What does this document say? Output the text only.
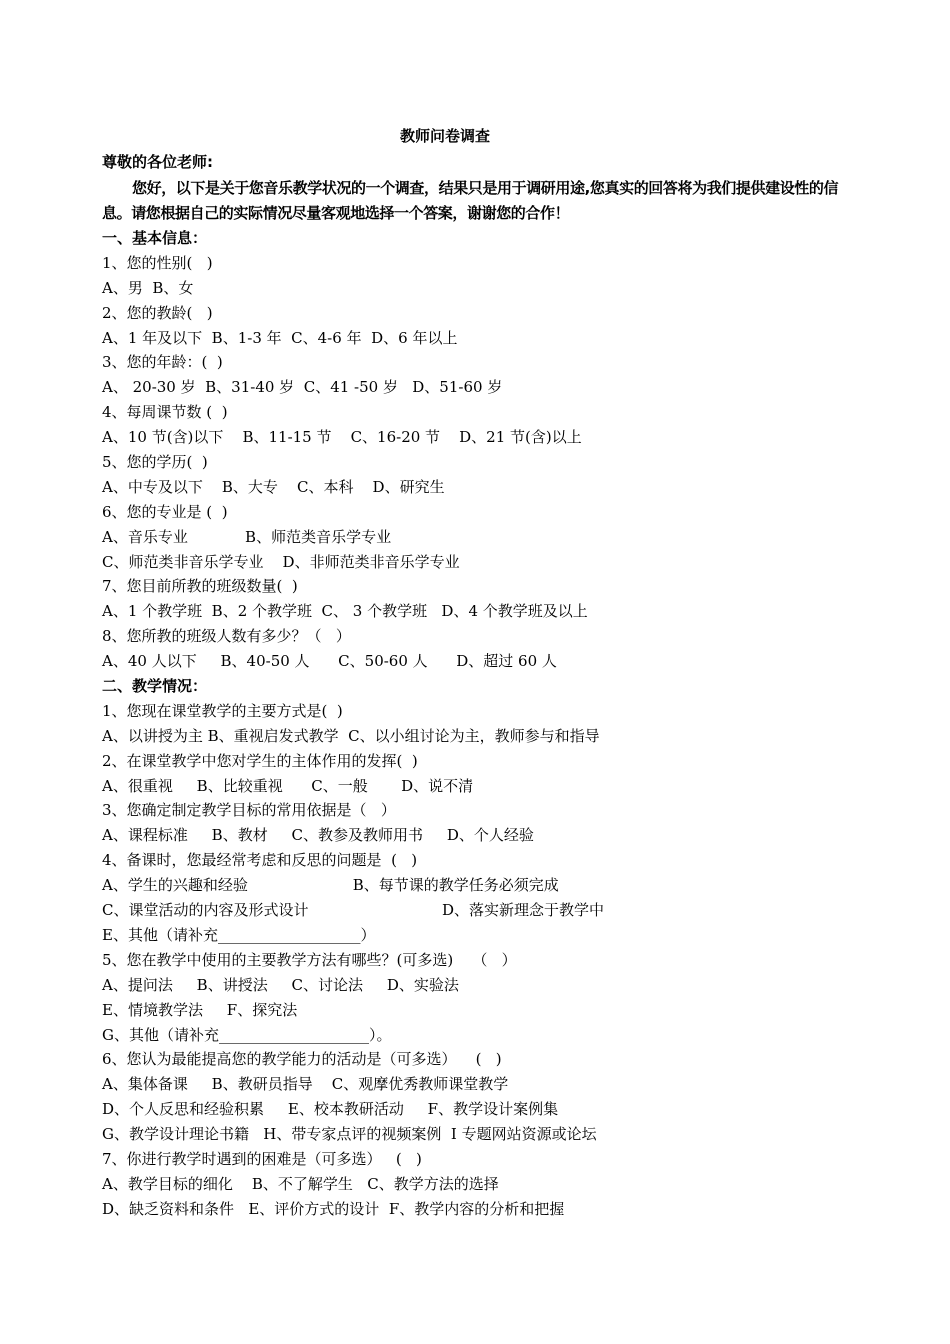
教师问卷调查
尊敬的各位老师:
您好，以下是关于您音乐教学状况的一个调查，结果只是用于调研用途,您真实的回答将为我们提供建设性的信息。请您根据自己的实际情况尽量客观地选择一个答案，谢谢您的合作！
一、基本信息：
1、您的性别(   )
A、男  B、女
2、您的教龄(   )
A、1 年及以下  B、1-3 年  C、4-6 年  D、6 年以上
3、您的年龄：(  )
A、 20-30 岁  B、31-40 岁  C、41 -50 岁   D、51-60 岁
4、每周课节数 (  )
A、10 节(含)以下    B、11-15 节    C、16-20 节    D、21 节(含)以上
5、您的学历(  )
A、中专及以下    B、大专    C、本科    D、研究生
6、您的专业是 (  )
A、音乐专业            B、师范类音乐学专业
C、师范类非音乐学专业    D、非师范类非音乐学专业
7、您目前所教的班级数量(  )
A、1 个教学班  B、2 个教学班  C、 3 个教学班   D、4 个教学班及以上
8、您所教的班级人数有多少？（   ）
A、40 人以下     B、40-50 人      C、50-60 人      D、超过 60 人
二、教学情况：
1、您现在课堂教学的主要方式是(  )
A、以讲授为主 B、重视启发式教学  C、以小组讨论为主，教师参与和指导
2、在课堂教学中您对学生的主体作用的发挥(  )
A、很重视     B、比较重视      C、一般       D、说不清
3、您确定制定教学目标的常用依据是（   ）
A、课程标准     B、教材     C、教参及教师用书     D、个人经验
4、备课时，您最经常考虑和反思的问题是  (   )
A、学生的兴趣和经验                      B、每节课的教学任务必须完成
C、课堂活动的内容及形式设计                            D、落实新理念于教学中
E、其他（请补充___________________）
5、您在教学中使用的主要教学方法有哪些？(可多选)    （   ）
A、提问法     B、讲授法     C、讨论法     D、实验法
E、情境教学法     F、探究法
G、其他（请补充____________________）。
6、您认为最能提高您的教学能力的活动是（可多选）    (   )
A、集体备课     B、教研员指导    C、观摩优秀教师课堂教学
D、个人反思和经验积累     E、校本教研活动     F、教学设计案例集
G、教学设计理论书籍   H、带专家点评的视频案例  I 专题网站资源或论坛
7、你进行教学时遇到的困难是（可多选）   (   )
A、教学目标的细化    B、不了解学生   C、教学方法的选择
D、缺乏资料和条件   E、评价方式的设计  F、教学内容的分析和把握
